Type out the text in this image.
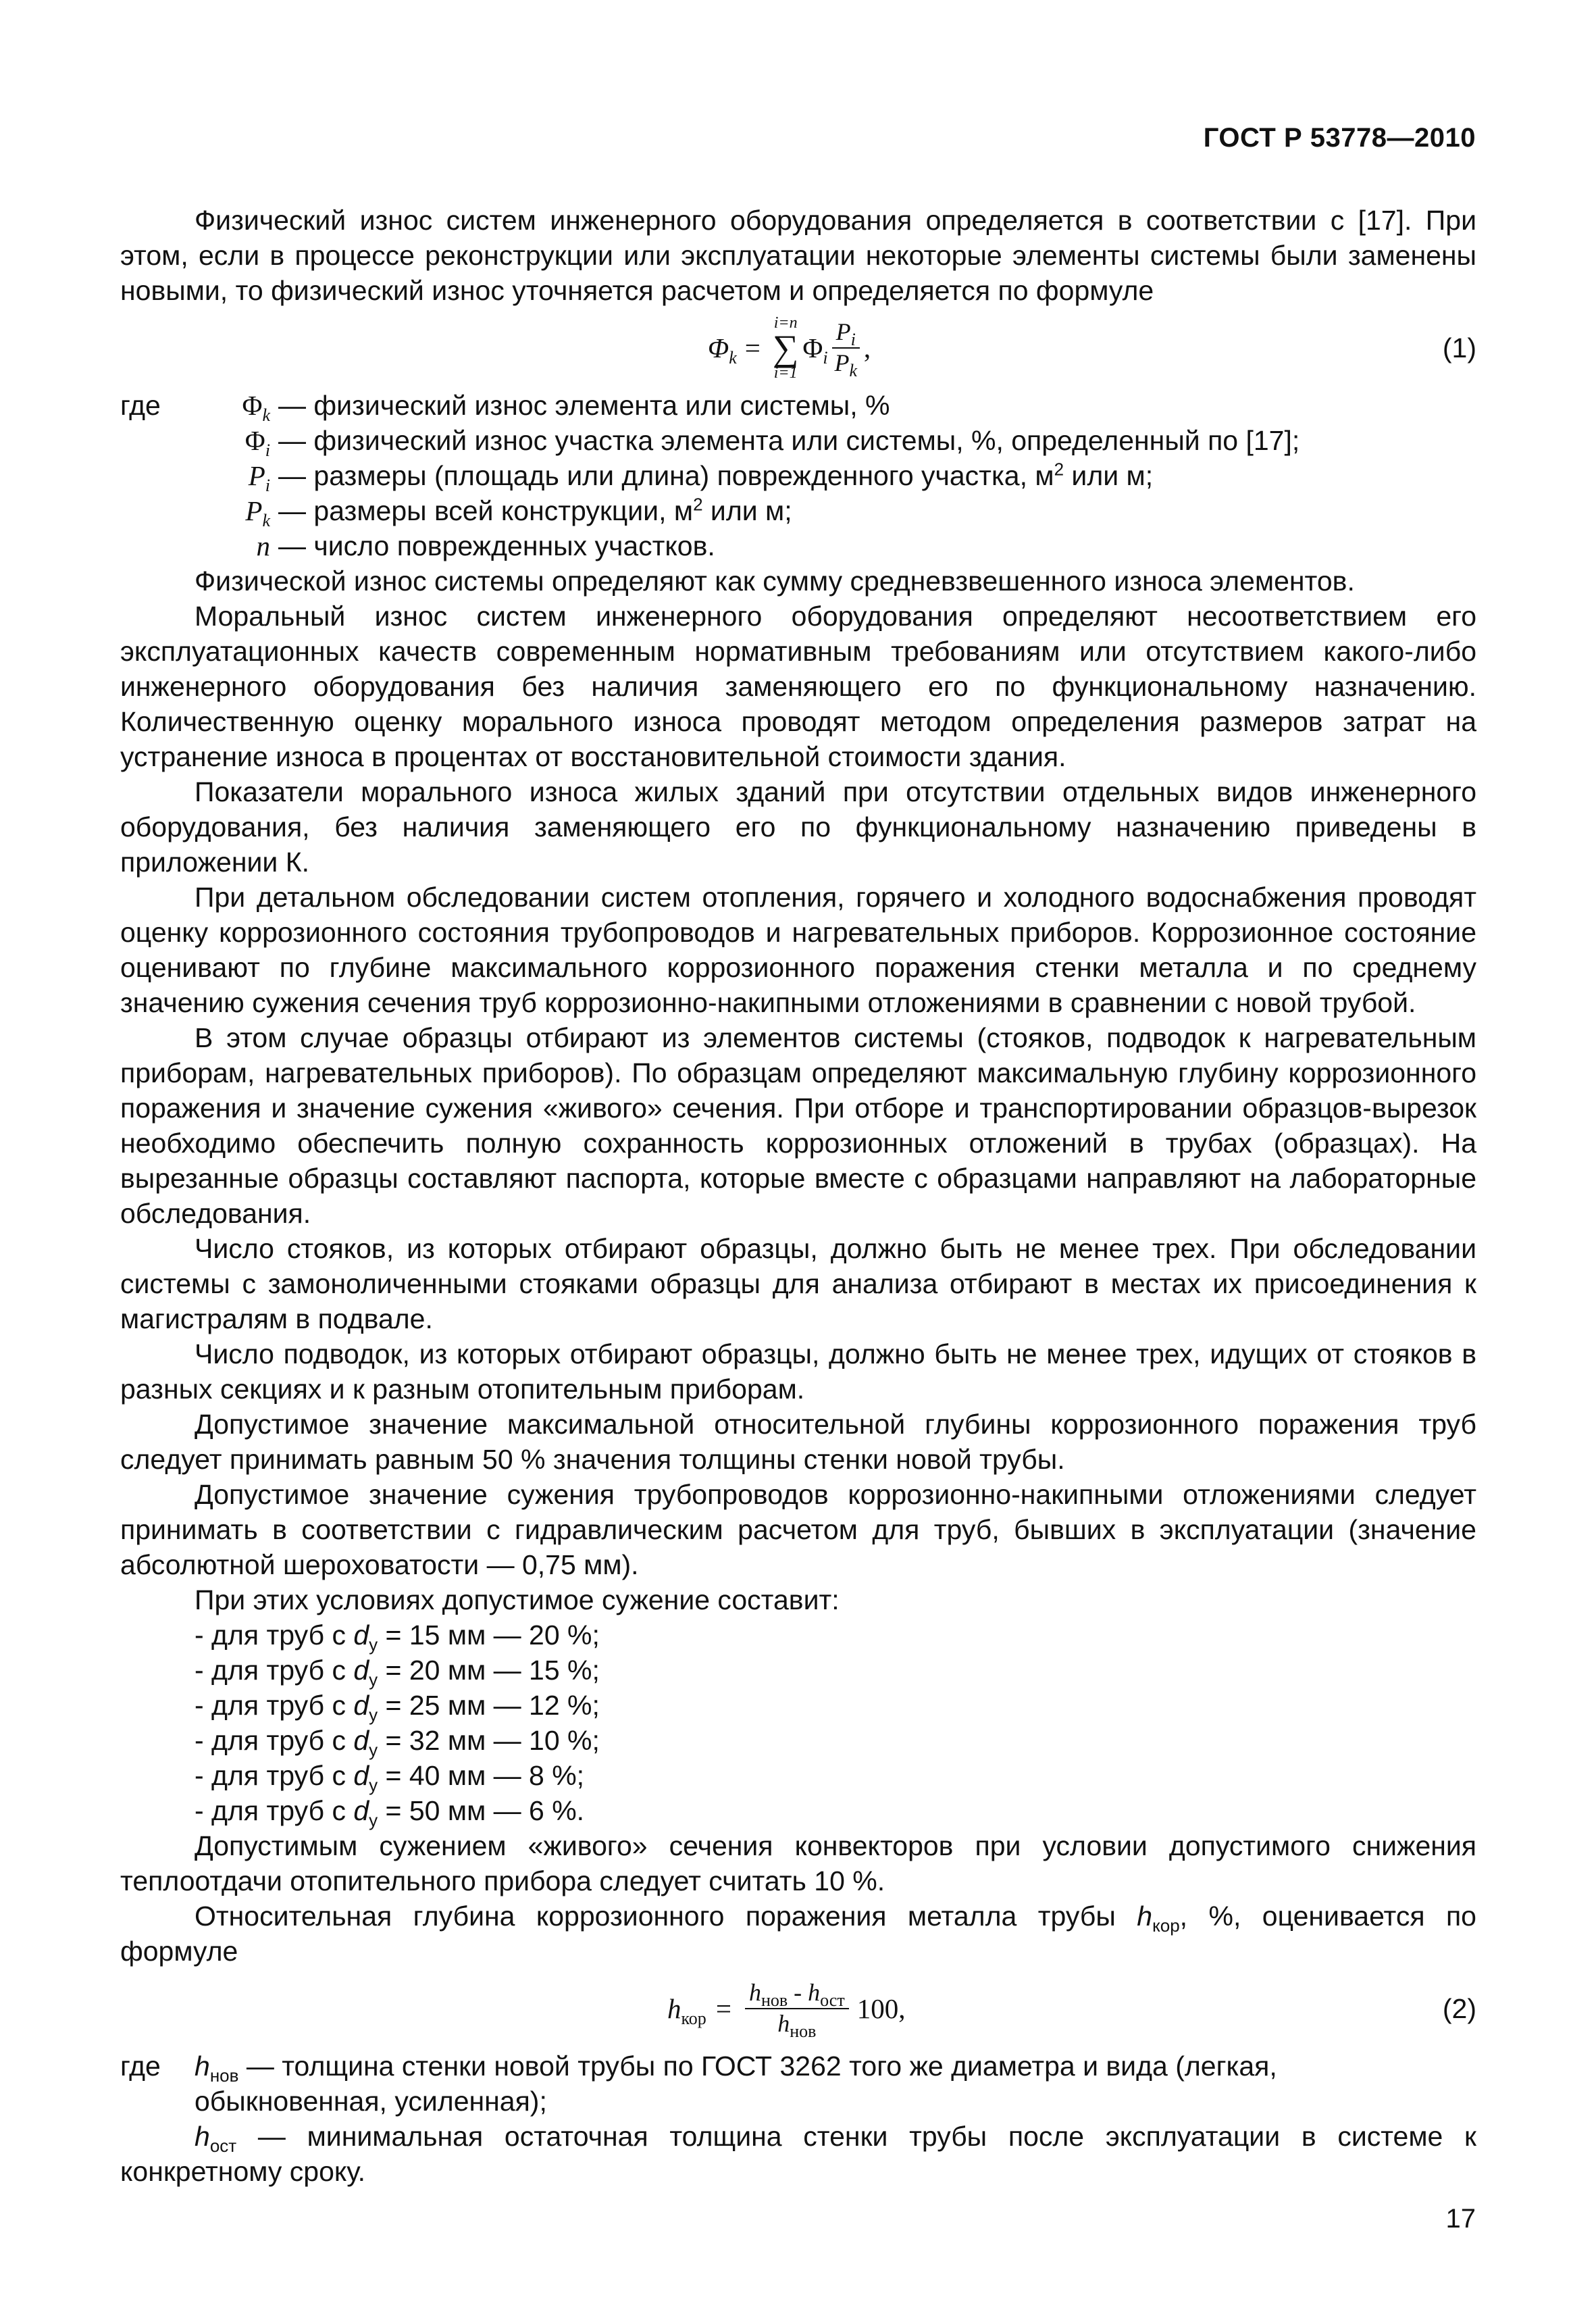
ГОСТ Р 53778—2010

Физический износ систем инженерного оборудования определяется в соответствии с [17]. При этом, если в процессе реконструкции или эксплуатации некоторые элементы системы были заменены новыми, то физический износ уточняется расчетом и определяется по формуле

$\Phi_k$ =
i=n
∑
i=1
$\Phi_i \frac{P_i}{P_k}$ ,	(1)
где	$\Phi_k$ — физический износ элемента или системы, %
$\Phi_i$ — физический износ участка элемента или системы, %, определенный по [17];
$P_i$ — размеры (площадь или длина) поврежденного участка, $м^2$ или м;
$P_k$ — размеры всей конструкции, $м^2$ или м;
n — число поврежденных участков.

Физической износ системы определяют как сумму средневзвешенного износа элементов.

Моральный износ систем инженерного оборудования определяют несоответствием его эксплуатационных качеств современным нормативным требованиям или отсутствием какого-либо инженерного оборудования без наличия заменяющего его по функциональному назначению. Количественную оценку морального износа проводят методом определения размеров затрат на устранение износа в процентах от восстановительной стоимости здания.

Показатели морального износа жилых зданий при отсутствии отдельных видов инженерного оборудования, без наличия заменяющего его по функциональному назначению приведены в приложении К.

При детальном обследовании систем отопления, горячего и холодного водоснабжения проводят оценку коррозионного состояния трубопроводов и нагревательных приборов. Коррозионное состояние оценивают по глубине максимального коррозионного поражения стенки металла и по среднему значению сужения сечения труб коррозионно-накипными отложениями в сравнении с новой трубой.

В этом случае образцы отбирают из элементов системы (стояков, подводок к нагревательным приборам, нагревательных приборов). По образцам определяют максимальную глубину коррозионного поражения и значение сужения «живого» сечения. При отборе и транспортировании образцов-вырезок необходимо обеспечить полную сохранность коррозионных отложений в трубах (образцах). На вырезанные образцы составляют паспорта, которые вместе с образцами направляют на лабораторные обследования.

Число стояков, из которых отбирают образцы, должно быть не менее трех. При обследовании системы с замоноличенными стояками образцы для анализа отбирают в местах их присоединения к магистралям в подвале.

Число подводок, из которых отбирают образцы, должно быть не менее трех, идущих от стояков в разных секциях и к разным отопительным приборам.

Допустимое значение максимальной относительной глубины коррозионного поражения труб следует принимать равным 50 % значения толщины стенки новой трубы.

Допустимое значение сужения трубопроводов коррозионно-накипными отложениями следует принимать в соответствии с гидравлическим расчетом для труб, бывших в эксплуатации (значение абсолютной шероховатости — 0,75 мм).

При этих условиях допустимое сужение составит:

- для труб с $d_y = 15$ мм — 20 %;

- для труб с $d_y = 20$ мм — 15 %;

- для труб с $d_y = 25$ мм — 12 %;

- для труб с $d_y = 32$ мм — 10 %;

- для труб с $d_y = 40$ мм — 8 %;

- для труб с $d_y = 50$ мм — 6 %.

Допустимым сужением «живого» сечения конвекторов при условии допустимого снижения теплоотдачи отопительного прибора следует считать 10 %.

Относительная глубина коррозионного поражения металла трубы $h_{кор}$, %, оценивается по формуле

$h_{кор} = \frac{h_{нов} - h_{ост}}{h_{нов}} 100$,	(2)
где	$h_{нов}$ — толщина стенки новой трубы по ГОСТ 3262 того же диаметра и вида (легкая, обыкновенная, усиленная);

$h_{ост}$ — минимальная остаточная толщина стенки трубы после эксплуатации в системе к конкретному сроку.

17
